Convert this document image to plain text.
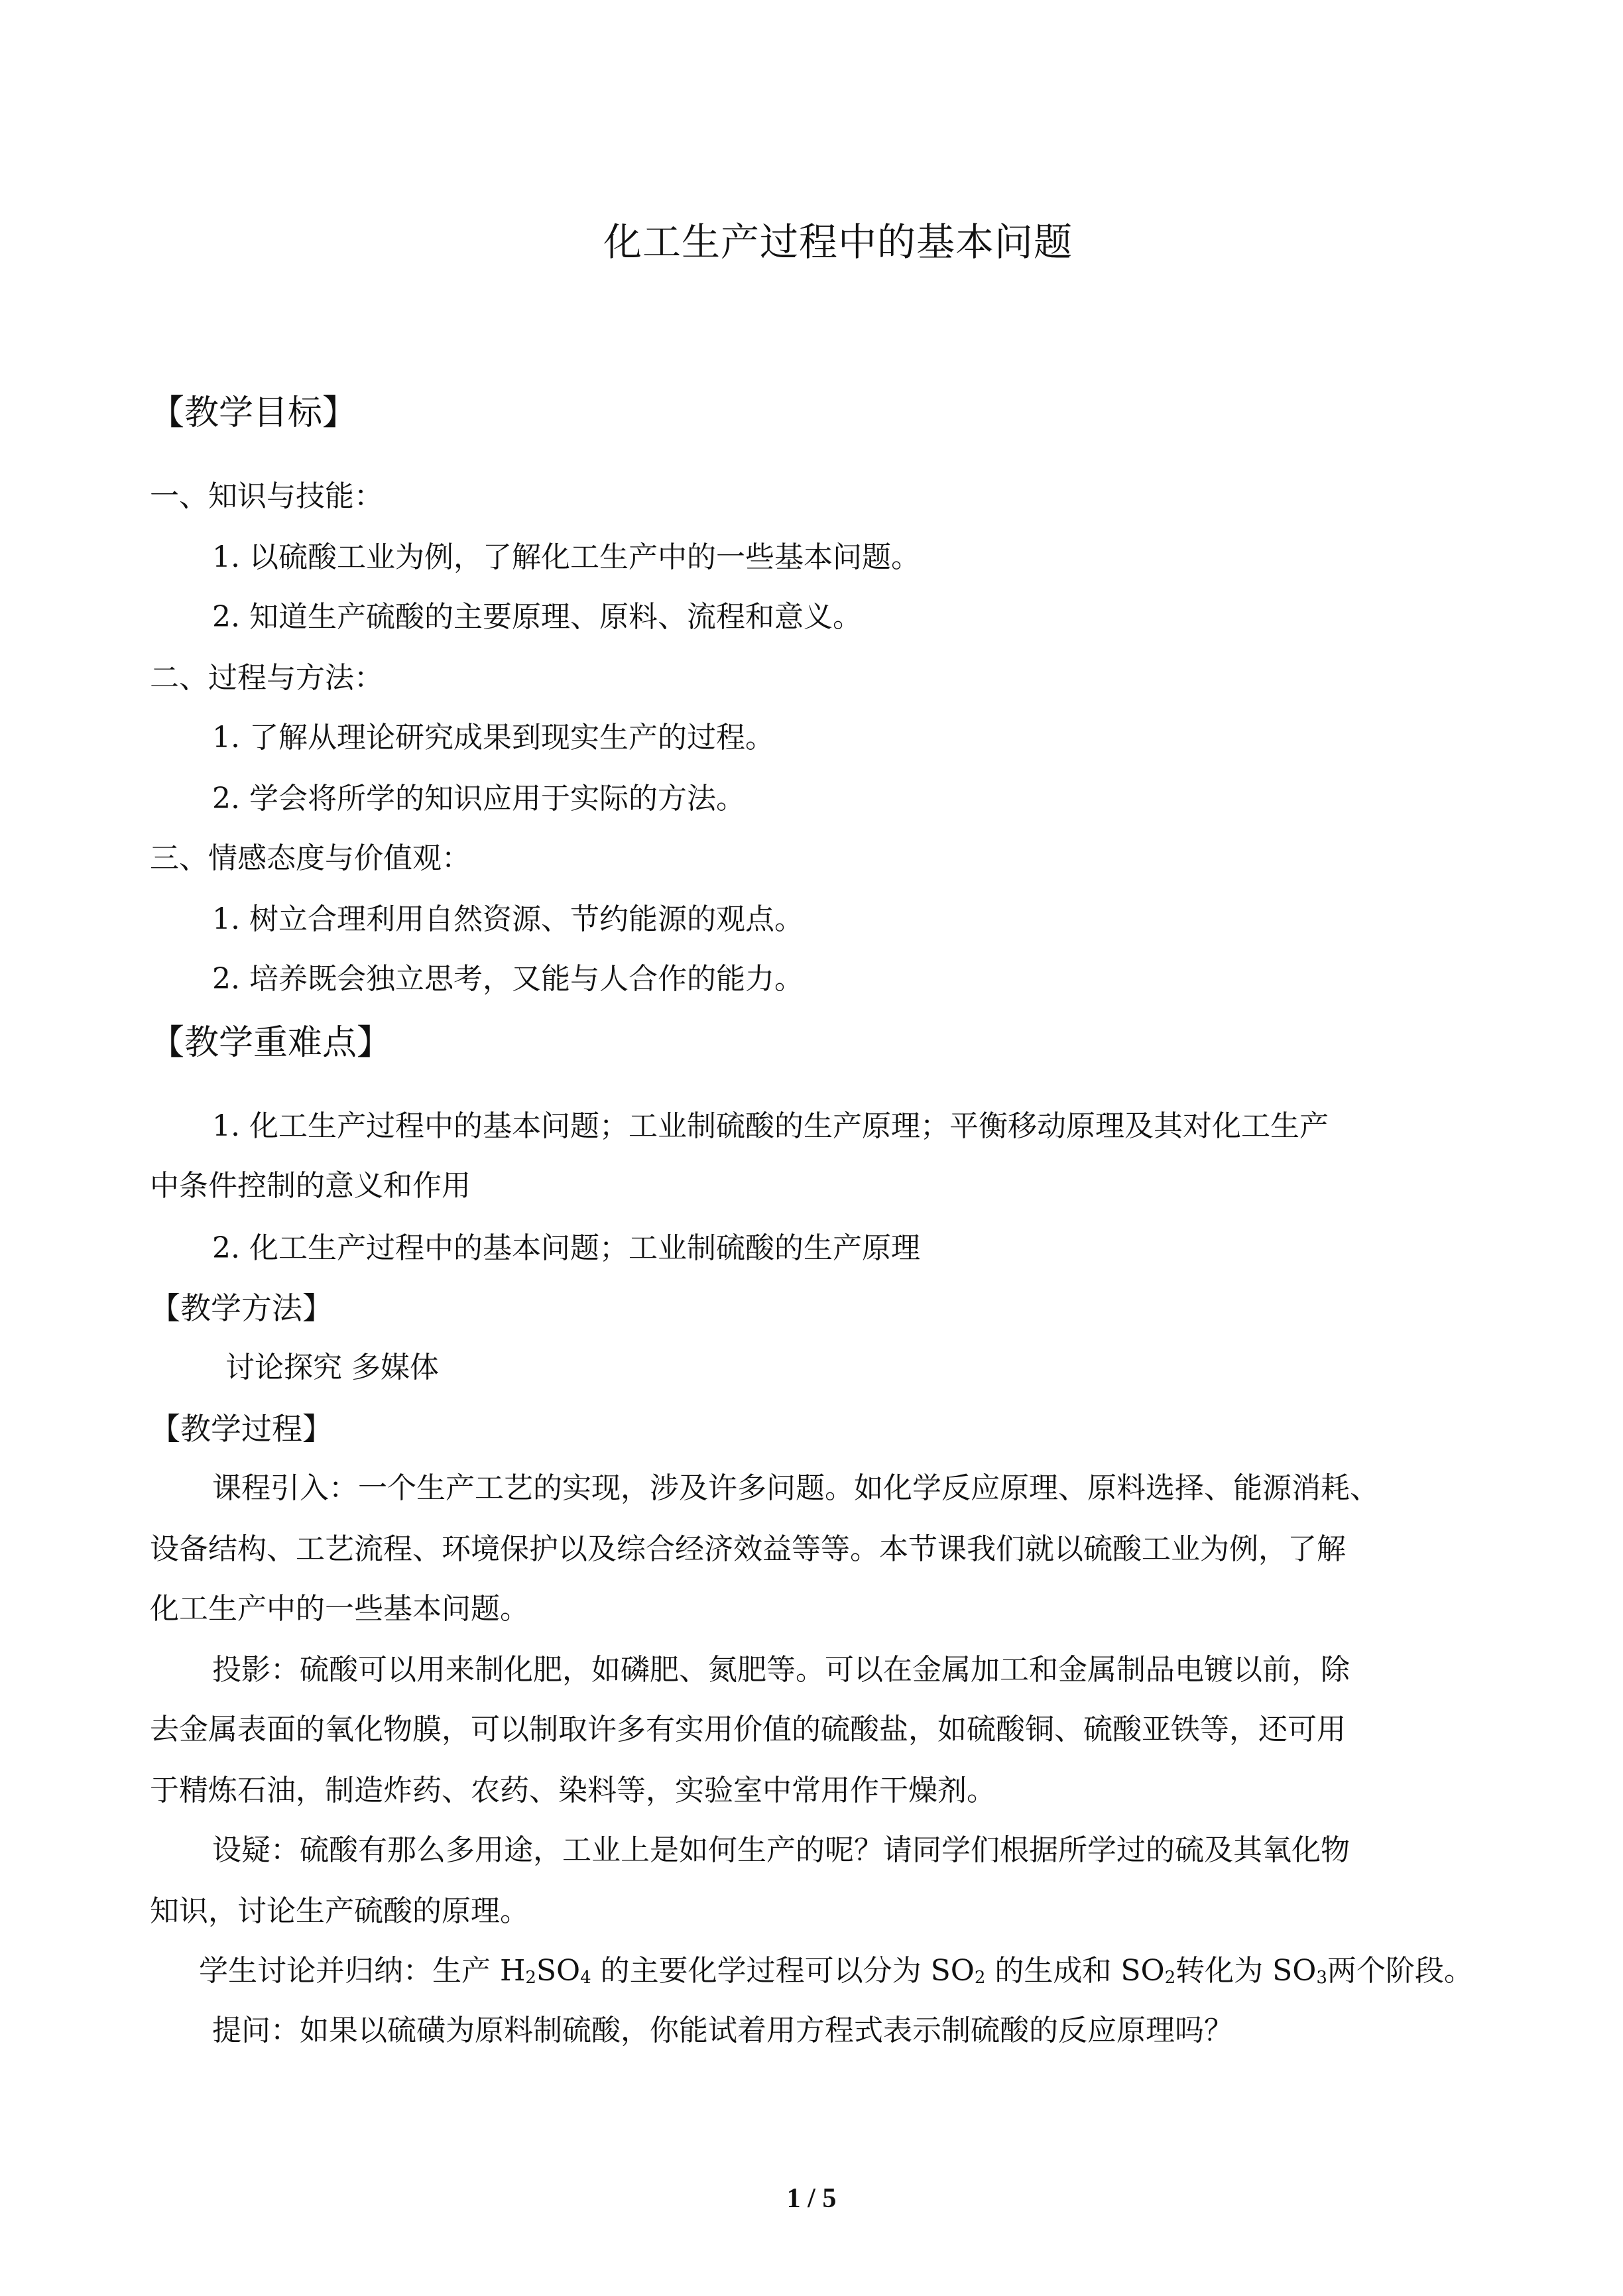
化工生产过程中的基本问题
【教学目标】
一、知识与技能：
1. 以硫酸工业为例，了解化工生产中的一些基本问题。
2. 知道生产硫酸的主要原理、原料、流程和意义。
二、过程与方法：
1. 了解从理论研究成果到现实生产的过程。
2. 学会将所学的知识应用于实际的方法。
三、情感态度与价值观：
1. 树立合理利用自然资源、节约能源的观点。
2. 培养既会独立思考，又能与人合作的能力。
【教学重难点】
1. 化工生产过程中的基本问题；工业制硫酸的生产原理；平衡移动原理及其对化工生产
中条件控制的意义和作用
2. 化工生产过程中的基本问题；工业制硫酸的生产原理
【教学方法】
讨论探究 多媒体
【教学过程】
课程引入：一个生产工艺的实现，涉及许多问题。如化学反应原理、原料选择、能源消耗、
设备结构、工艺流程、环境保护以及综合经济效益等等。本节课我们就以硫酸工业为例，了解
化工生产中的一些基本问题。
投影：硫酸可以用来制化肥，如磷肥、氮肥等。可以在金属加工和金属制品电镀以前，除
去金属表面的氧化物膜，可以制取许多有实用价值的硫酸盐，如硫酸铜、硫酸亚铁等，还可用
于精炼石油，制造炸药、农药、染料等，实验室中常用作干燥剂。
设疑：硫酸有那么多用途，工业上是如何生产的呢？请同学们根据所学过的硫及其氧化物
知识，讨论生产硫酸的原理。
学生讨论并归纳：生产 $H_2SO_4$ 的主要化学过程可以分为 $SO_2$ 的生成和 $SO_2$转化为 $SO_3$两个阶段。
提问：如果以硫磺为原料制硫酸，你能试着用方程式表示制硫酸的反应原理吗？
1 / 5
